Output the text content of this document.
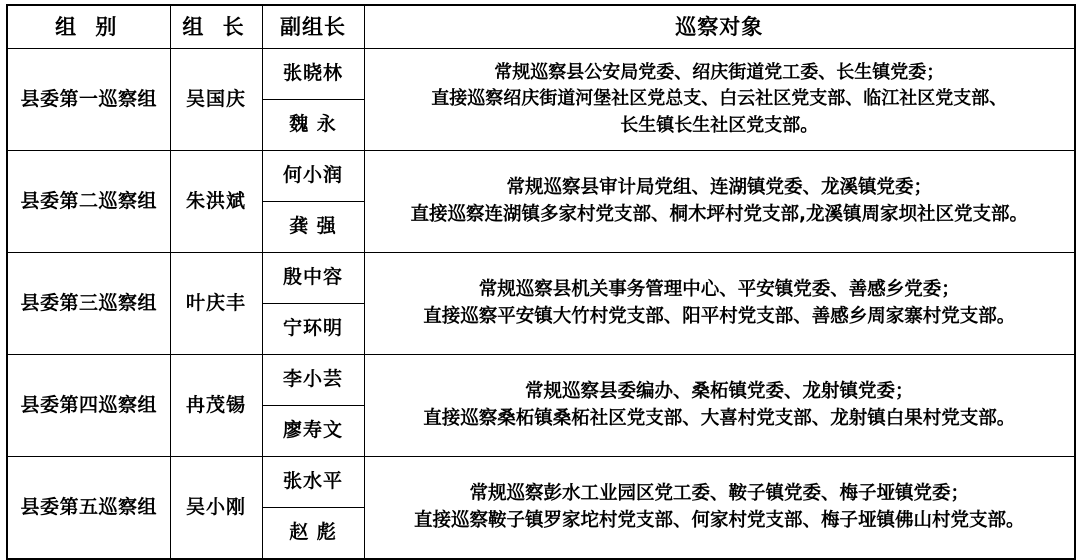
组 别	组 长	副组长	巡察对象
县委第一巡察组	吴国庆	张晓林	常规巡察县公安局党委、绍庆街道党工委、长生镇党委；
直接巡察绍庆街道河堡社区党总支、白云社区党支部、临江社区党支部、
长生镇长生社区党支部。

		魏 永	
县委第二巡察组	朱洪斌	何小润	常规巡察县审计局党组、连湖镇党委、龙溪镇党委；
直接巡察连湖镇多家村党支部、桐木坪村党支部,龙溪镇周家坝社区党支部。

		龚 强	
县委第三巡察组	叶庆丰	殷中容	常规巡察县机关事务管理中心、平安镇党委、善感乡党委；
直接巡察平安镇大竹村党支部、阳平村党支部、善感乡周家寨村党支部。

		宁环明	
县委第四巡察组	冉茂锡	李小芸	常规巡察县委编办、桑柘镇党委、龙射镇党委；
直接巡察桑柘镇桑柘社区党支部、大喜村党支部、龙射镇白果村党支部。

		廖寿文	
县委第五巡察组	吴小刚	张水平	常规巡察彭水工业园区党工委、鞍子镇党委、梅子垭镇党委；
直接巡察鞍子镇罗家坨村党支部、何家村党支部、梅子垭镇佛山村党支部。

		赵 彪	
